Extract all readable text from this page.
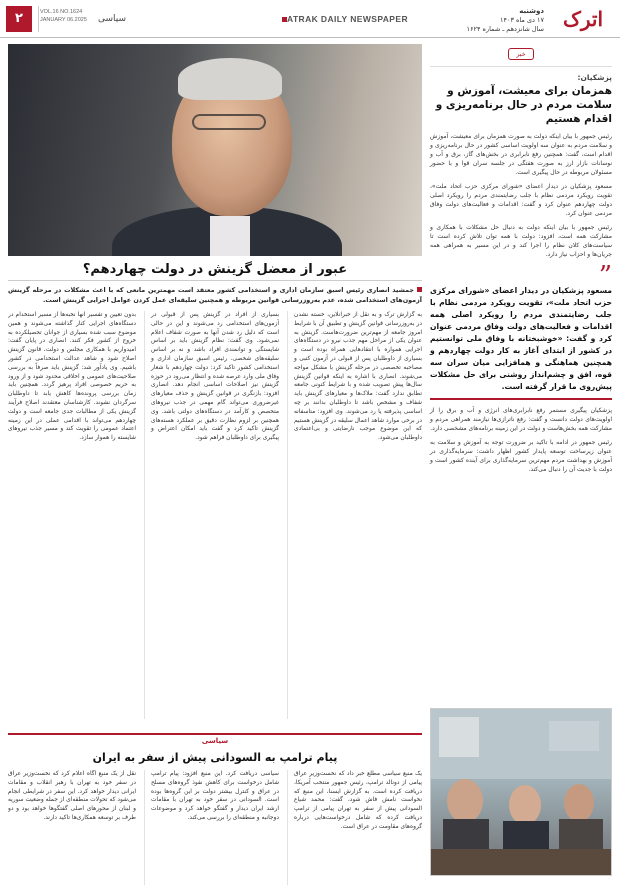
اترک
دوشنبه
۱۷ دی ماه ۱۴۰۳
سال شانزدهم ـ شماره ۱۶۲۴
ATRAK DAILY NEWSPAPER
سیاسی
VOL.16 NO.1624
JANUARY 06.2025
۲
خبر
پزشکیان:
همزمان برای معیشت، آموزش و سلامت مردم در حال برنامه‌ریزی و اقدام هستیم

رئیس جمهور با بیان اینکه دولت به صورت همزمان برای معیشت، آموزش و سلامت مردم به عنوان سه اولویت اساسی کشور در حال برنامه‌ریزی و اقدام است، گفت: همچنین رفع نابرابری در بخش‌های گاز، برق و آب و نوسانات بازار ارز به صورت هفتگی در جلسه سران قوا و با حضور مسئولان مربوطه در حال پیگیری است.

مسعود پزشکیان در دیدار اعضای «شورای مرکزی حزب اتحاد ملت»، تقویت رویکرد مردمی نظام با جلب رضایتمندی مردم را رویکرد اصلی دولت چهاردهم عنوان کرد و گفت: اقدامات و فعالیت‌های دولت وفاق مردمی عنوان کرد.

رئیس جمهور با بیان اینکه دولت به دنبال حل مشکلات با همکاری و مشارکت همه است، افزود: دولت با همه توان تلاش کرده است تا سیاست‌های کلان نظام را اجرا کند و در این مسیر به همراهی همه جریان‌ها و احزاب نیاز دارد.

”
مسعود پزشکیان در دیدار اعضای «شورای مرکزی حزب اتحاد ملت»، تقویت رویکرد مردمی نظام با جلب رضایتمندی مردم را رویکرد اصلی همه اقدامات و فعالیت‌های دولت وفاق مردمی عنوان کرد و گفت: «خوشبختانه با وفاق ملی توانستیم در کشور از ابتدای آغاز به کار دولت چهاردهم و همچنین هماهنگی و همافزایی میان سران سه قوه، افق و چشم‌انداز روشنی برای حل مشکلات پیش‌روی ما قرار گرفته است.

پزشکیان پیگیری مستمر رفع نابرابری‌های انرژی و آب و برق را از اولویت‌های دولت دانست و گفت: رفع ناترازی‌ها نیازمند همراهی مردم و مشارکت همه بخش‌هاست و دولت در این زمینه برنامه‌های مشخصی دارد.

رئیس جمهور در ادامه با تاکید بر ضرورت توجه به آموزش و سلامت به عنوان زیرساخت توسعه پایدار کشور اظهار داشت: سرمایه‌گذاری در آموزش و بهداشت مردم مهم‌ترین سرمایه‌گذاری برای آینده کشور است و دولت با جدیت آن را دنبال می‌کند.

عبور از معضل گزینش در دولت چهاردهم؟

جمشید انصاری رئیس اسبق سازمان اداری و استخدامی کشور معتقد است مهمترین مانعی که با اعث مشکلات در مرحله گزینش آزمون‌های استخدامی شده، عدم به‌روزرسانی قوانین مربوطه و همچنین سلیقه‌ای عمل کردن عوامل اجرایی گزینش است.

به گزارش ترک و به نقل از خبرآنلاین، خسته نشدن در به‌روزرسانی قوانین گزینش و تطبیق آن با شرایط امروز جامعه از مهم‌ترین ضرورت‌هاست. گزینش به عنوان یکی از مراحل مهم جذب نیرو در دستگاه‌های اجرایی همواره با انتقادهایی همراه بوده است و بسیاری از داوطلبان پس از قبولی در آزمون کتبی و مصاحبه تخصصی در مرحله گزینش با مشکل مواجه می‌شوند. انصاری با اشاره به اینکه قوانین گزینش سال‌ها پیش تصویب شده و با شرایط کنونی جامعه تطابق ندارد گفت: ملاک‌ها و معیارهای گزینش باید شفاف و مشخص باشد تا داوطلبان بدانند بر چه اساسی پذیرفته یا رد می‌شوند. وی افزود: متاسفانه در برخی موارد شاهد اعمال سلیقه در گزینش هستیم که این موضوع موجب نارضایتی و بی‌اعتمادی داوطلبان می‌شود.
بسیاری از افراد در گزینش پس از قبولی در آزمون‌های استخدامی رد می‌شوند و این در حالی است که دلیل رد شدن آنها به صورت شفاف اعلام نمی‌شود. وی گفت: نظام گزینش باید بر اساس شایستگی و توانمندی افراد باشد و نه بر اساس سلیقه‌های شخصی. رئیس اسبق سازمان اداری و استخدامی کشور تاکید کرد: دولت چهاردهم با شعار وفاق ملی وارد عرصه شده و انتظار می‌رود در حوزه گزینش نیز اصلاحات اساسی انجام دهد. انصاری افزود: بازنگری در قوانین گزینش و حذف معیارهای غیرضروری می‌تواند گام مهمی در جذب نیروهای متخصص و کارآمد در دستگاه‌های دولتی باشد. وی همچنین بر لزوم نظارت دقیق بر عملکرد هسته‌های گزینش تاکید کرد و گفت باید امکان اعتراض و پیگیری برای داوطلبان فراهم شود.
بدون تعیین و تفسیر آنها نخبه‌ها از مسیر استخدام در دستگاه‌های اجرایی کنار گذاشته می‌شوند و همین موضوع سبب شده بسیاری از جوانان تحصیلکرده به خروج از کشور فکر کنند. انصاری در پایان گفت: امیدواریم با همکاری مجلس و دولت، قانون گزینش اصلاح شود و شاهد عدالت استخدامی در کشور باشیم. وی یادآور شد: گزینش باید صرفاً به بررسی صلاحیت‌های عمومی و اخلاقی محدود شود و از ورود به حریم خصوصی افراد پرهیز گردد. همچنین باید زمان بررسی پرونده‌ها کاهش یابد تا داوطلبان سرگردان نشوند. کارشناسان معتقدند اصلاح فرآیند گزینش یکی از مطالبات جدی جامعه است و دولت چهاردهم می‌تواند با اقدامی عملی در این زمینه اعتماد عمومی را تقویت کند و مسیر جذب نیروهای شایسته را هموار سازد.
سیاسی
پیام ترامپ به السودانی پیش از سفر به ایران
یک منبع سیاسی مطلع خبر داد که نخست‌وزیر عراق پیامی از دونالد ترامپ، رئیس جمهور منتخب آمریکا، دریافت کرده است. به گزارش ایسنا، این منبع که نخواست نامش فاش شود، گفت: محمد شیاع السودانی پیش از سفر به تهران پیامی از ترامپ دریافت کرده که شامل درخواست‌هایی درباره گروه‌های مقاومت در عراق است.
سیاسی دریافت کرد. این منبع افزود: پیام ترامپ شامل درخواست برای کاهش نفوذ گروه‌های مسلح در عراق و کنترل بیشتر دولت بر این گروه‌ها بوده است. السودانی در سفر خود به تهران با مقامات ارشد ایران دیدار و گفتگو خواهد کرد و موضوعات دوجانبه و منطقه‌ای را بررسی می‌کند.
نقل از یک منبع آگاه اعلام کرد که نخست‌وزیر عراق در سفر خود به تهران با رهبر انقلاب و مقامات ایرانی دیدار خواهد کرد. این سفر در شرایطی انجام می‌شود که تحولات منطقه‌ای از جمله وضعیت سوریه و لبنان از محورهای اصلی گفتگوها خواهد بود و دو طرف بر توسعه همکاری‌ها تاکید دارند.
